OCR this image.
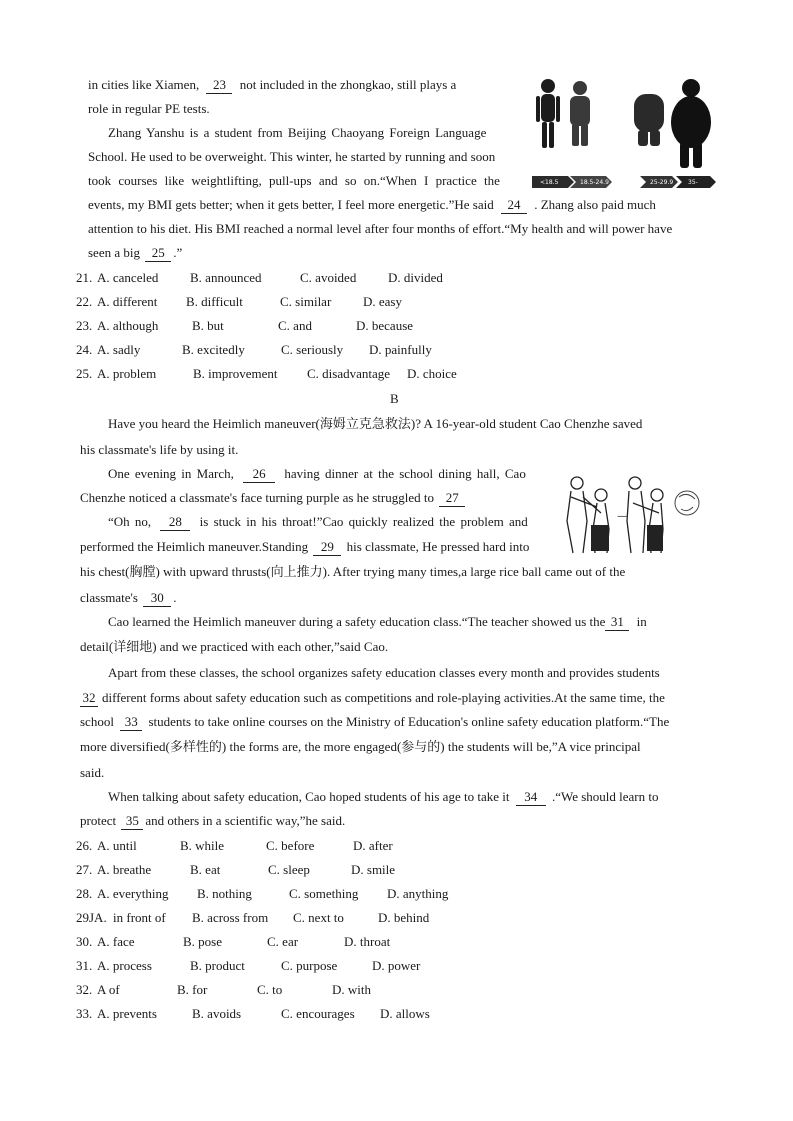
in cities like Xiamen, 23 not included in the zhongkao, still plays a
role in regular PE tests.
Zhang Yanshu is a student from Beijing Chaoyang Foreign Language
School. He used to be overweight. This winter, he started by running and soon
took courses like weightlifting, pull-ups and so on.“When I practice the
events, my BMI gets better; when it gets better, I feel more energetic.”He said 24 . Zhang also paid much
attention to his diet. His BMI reached a normal level after four months of effort.“My health and will power have
seen a big 25 .”
<18.5	18.5-24.9	25-29.9 35-
21. A. canceled B. announced	C. avoided D. divided
22. A. different B. difficult	C. similar D. easy
23. A. although	B. but	C. and	D. because
24. A. sadly	B. excitedly	C. seriously D. painfully
25. A. problem	B. improvement C. disadvantage D. choice
B
Have you heard the Heimlich maneuver(海姆立克急救法)? A 16-year-old student Cao Chenzhe saved
his classmate's life by using it.
One evening in March, 26 having dinner at the school dining hall, Cao
Chenzhe noticed a classmate's face turning purple as he struggled to 27
“Oh no, 28 is stuck in his throat!”Cao quickly realized the problem and
performed the Heimlich maneuver.Standing 29 his classmate, He pressed hard into
—
his chest(胸膛) with upward thrusts(向上推力). After trying many times,a large rice ball came out of the
classmate's 30 .
Cao learned the Heimlich maneuver during a safety education class.“The teacher showed us the 31 in
detail(详细地) and we practiced with each other,”said Cao.
Apart from these classes, the school organizes safety education classes every month and provides students
32 different forms about safety education such as competitions and role-playing activities.At the same time, the
school 33 students to take online courses on the Ministry of Education's online safety education platform.“The
more diversified(多样性的) the forms are, the more engaged(参与的) the students will be,”A vice principal
said.
When talking about safety education, Cao hoped students of his age to take it 34 .“We should learn to
protect 35 and others in a scientific way,”he said.
26. A. until	B. while	C. before	D. after
27. A. breathe	B. eat	C. sleep	D. smile
28. A. everything B. nothing	C. something D. anything
29JA. in front of B. across from C. next to	D. behind
30. A. face	B. pose	C. ear	D. throat
31. A. process	B. product	C. purpose	D. power
32. A of	B. for	C. to	D. with
33. A. prevents	B. avoids	C. encourages D. allows
